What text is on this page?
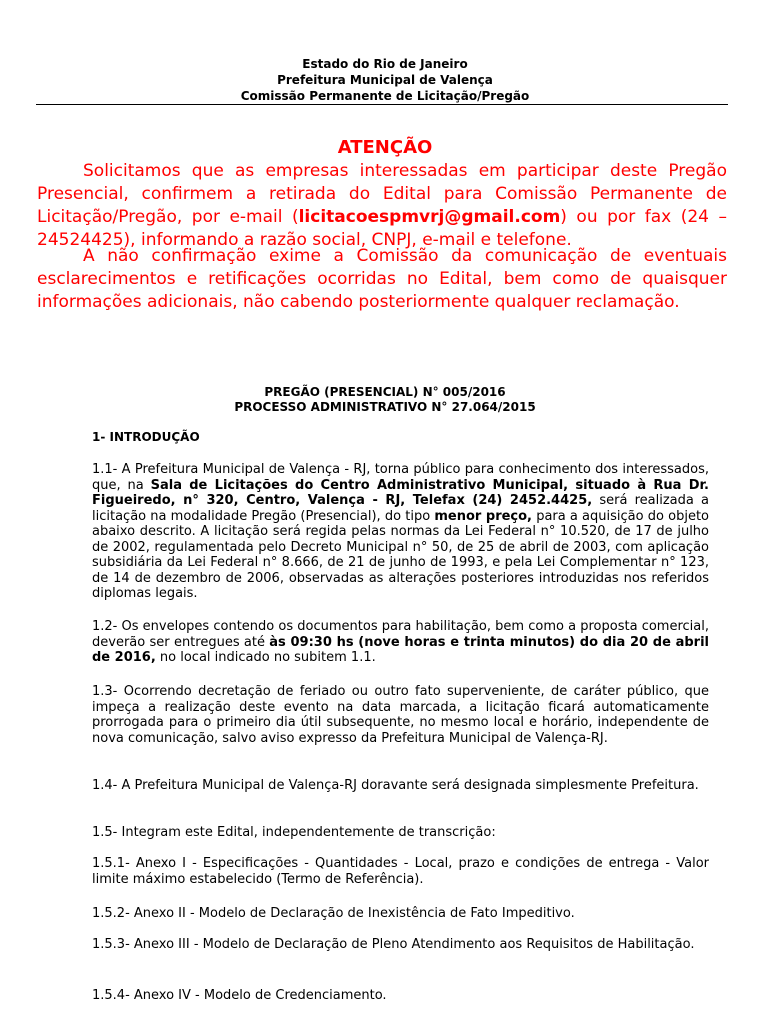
Estado do Rio de Janeiro
Prefeitura Municipal de Valença
Comissão Permanente de Licitação/Pregão
ATENÇÃO

Solicitamos que as empresas interessadas em participar deste Pregão Presencial, confirmem a retirada do Edital para Comissão Permanente de Licitação/Pregão, por e-mail (licitacoespmvrj@gmail.com) ou por fax (24 – 24524425), informando a razão social, CNPJ, e-mail e telefone.

A não confirmação exime a Comissão da comunicação de eventuais esclarecimentos e retificações ocorridas no Edital, bem como de quaisquer informações adicionais, não cabendo posteriormente qualquer reclamação.

PREGÃO (PRESENCIAL) N° 005/2016
PROCESSO ADMINISTRATIVO N° 27.064/2015
1- INTRODUÇÃO

1.1- A Prefeitura Municipal de Valença - RJ, torna público para conhecimento dos interessados, que, na Sala de Licitações do Centro Administrativo Municipal, situado à Rua Dr. Figueiredo, n° 320, Centro, Valença - RJ, Telefax (24) 2452.4425, será realizada a licitação na modalidade Pregão (Presencial), do tipo menor preço, para a aquisição do objeto abaixo descrito. A licitação será regida pelas normas da Lei Federal n° 10.520, de 17 de julho de 2002, regulamentada pelo Decreto Municipal n° 50, de 25 de abril de 2003, com aplicação subsidiária da Lei Federal n° 8.666, de 21 de junho de 1993, e pela Lei Complementar n° 123, de 14 de dezembro de 2006, observadas as alterações posteriores introduzidas nos referidos diplomas legais.

1.2- Os envelopes contendo os documentos para habilitação, bem como a proposta comercial, deverão ser entregues até às 09:30 hs (nove horas e trinta minutos) do dia 20 de abril de 2016, no local indicado no subitem 1.1.

1.3- Ocorrendo decretação de feriado ou outro fato superveniente, de caráter público, que impeça a realização deste evento na data marcada, a licitação ficará automaticamente prorrogada para o primeiro dia útil subsequente, no mesmo local e horário, independente de nova comunicação, salvo aviso expresso da Prefeitura Municipal de Valença-RJ.

1.4- A Prefeitura Municipal de Valença-RJ doravante será designada simplesmente Prefeitura.

1.5- Integram este Edital, independentemente de transcrição:

1.5.1- Anexo I - Especificações - Quantidades - Local, prazo e condições de entrega - Valor limite máximo estabelecido (Termo de Referência).

1.5.2- Anexo II - Modelo de Declaração de Inexistência de Fato Impeditivo.

1.5.3- Anexo III - Modelo de Declaração de Pleno Atendimento aos Requisitos de Habilitação.

1.5.4- Anexo IV - Modelo de Credenciamento.
